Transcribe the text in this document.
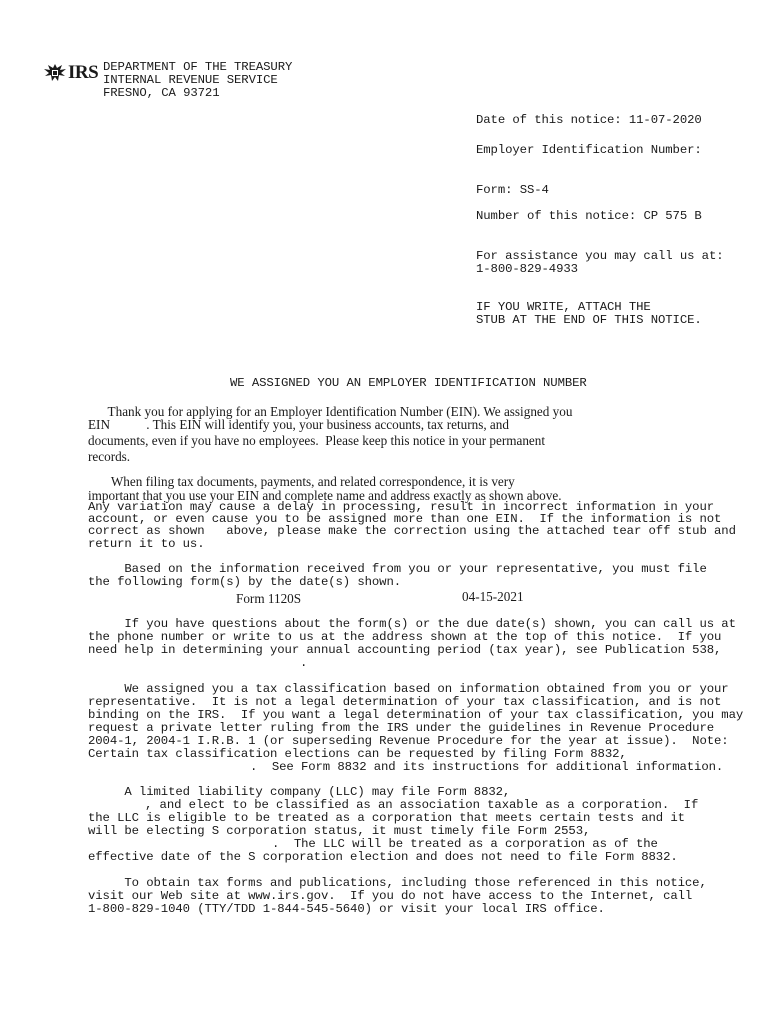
IRS DEPARTMENT OF THE TREASURY
INTERNAL REVENUE SERVICE
FRESNO, CA 93721
Date of this notice: 11-07-2020
Employer Identification Number:
Form: SS-4
Number of this notice: CP 575 B
For assistance you may call us at:
1-800-829-4933
IF YOU WRITE, ATTACH THE
STUB AT THE END OF THIS NOTICE.
WE ASSIGNED YOU AN EMPLOYER IDENTIFICATION NUMBER
Thank you for applying for an Employer Identification Number (EIN). We assigned you
EIN           . This EIN will identify you, your business accounts, tax returns, and
documents, even if you have no employees.  Please keep this notice in your permanent
records.
When filing tax documents, payments, and related correspondence, it is very
important that you use your EIN and complete name and address exactly as shown above.
Any variation may cause a delay in processing, result in incorrect information in your
account, or even cause you to be assigned more than one EIN.  If the information is not
correct as shown   above, please make the correction using the attached tear off stub and
return it to us.
Based on the information received from you or your representative, you must file
the following form(s) by the date(s) shown.
Form 1120S	04-15-2021
If you have questions about the form(s) or the due date(s) shown, you can call us at
the phone number or write to us at the address shown at the top of this notice.  If you
need help in determining your annual accounting period (tax year), see Publication 538,
.
We assigned you a tax classification based on information obtained from you or your
representative.  It is not a legal determination of your tax classification, and is not
binding on the IRS.  If you want a legal determination of your tax classification, you may
request a private letter ruling from the IRS under the guidelines in Revenue Procedure
2004-1, 2004-1 I.R.B. 1 (or superseding Revenue Procedure for the year at issue).  Note:
Certain tax classification elections can be requested by filing Form 8832,
.  See Form 8832 and its instructions for additional information.
A limited liability company (LLC) may file Form 8832,
, and elect to be classified as an association taxable as a corporation.  If
the LLC is eligible to be treated as a corporation that meets certain tests and it
will be electing S corporation status, it must timely file Form 2553,
.  The LLC will be treated as a corporation as of the
effective date of the S corporation election and does not need to file Form 8832.
To obtain tax forms and publications, including those referenced in this notice,
visit our Web site at www.irs.gov.  If you do not have access to the Internet, call
1-800-829-1040 (TTY/TDD 1-844-545-5640) or visit your local IRS office.
